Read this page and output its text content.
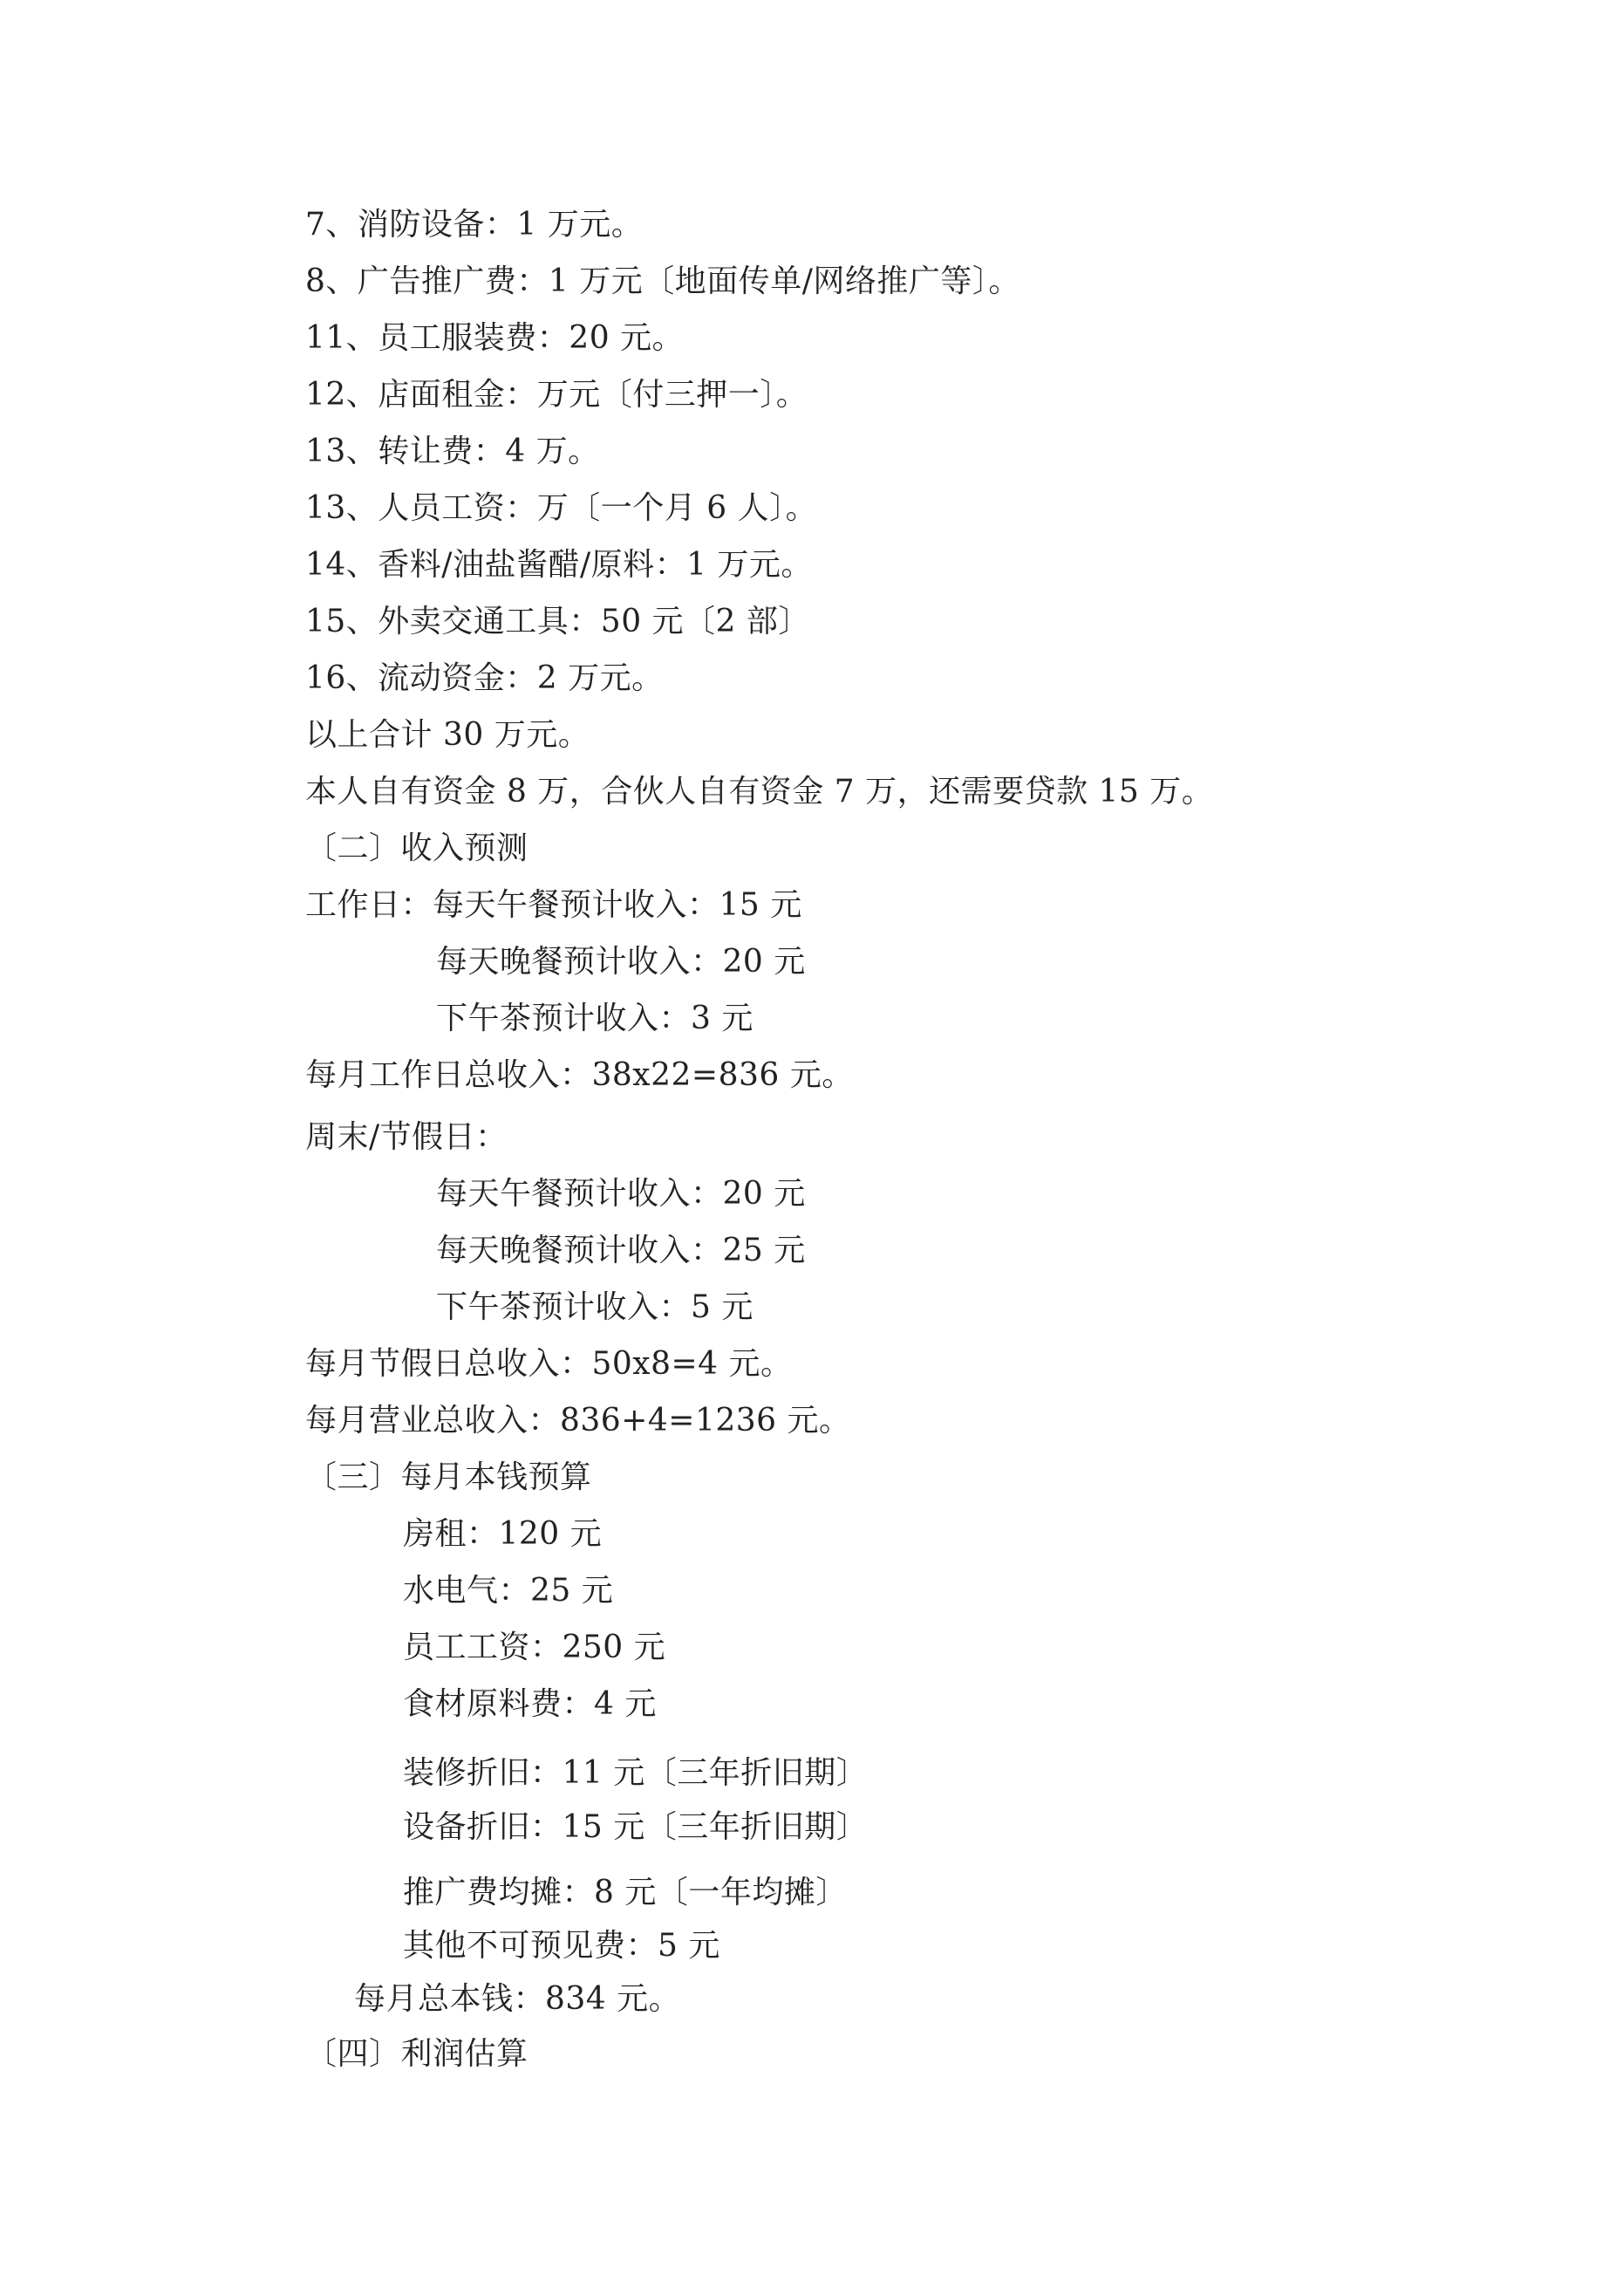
7、消防设备：1 万元。
8、广告推广费：1 万元〔地面传单/网络推广等〕。
11、员工服装费：20 元。
12、店面租金：万元〔付三押一〕。
13、转让费：4 万。
13、人员工资：万〔一个月 6 人〕。
14、香料/油盐酱醋/原料：1 万元。
15、外卖交通工具：50 元〔2 部〕
16、流动资金：2 万元。
以上合计 30 万元。
本人自有资金 8 万，合伙人自有资金 7 万，还需要贷款 15 万。
〔二〕收入预测
工作日：每天午餐预计收入：15 元
每天晚餐预计收入：20 元
下午茶预计收入：3 元
每月工作日总收入：38x22=836 元。
周末/节假日：
每天午餐预计收入：20 元
每天晚餐预计收入：25 元
下午茶预计收入：5 元
每月节假日总收入：50x8=4 元。
每月营业总收入：836+4=1236 元。
〔三〕每月本钱预算
房租：120 元
水电气：25 元
员工工资：250 元
食材原料费：4 元
装修折旧：11 元〔三年折旧期〕
设备折旧：15 元〔三年折旧期〕
推广费均摊：8 元〔一年均摊〕
其他不可预见费：5 元
每月总本钱：834 元。
〔四〕利润估算
